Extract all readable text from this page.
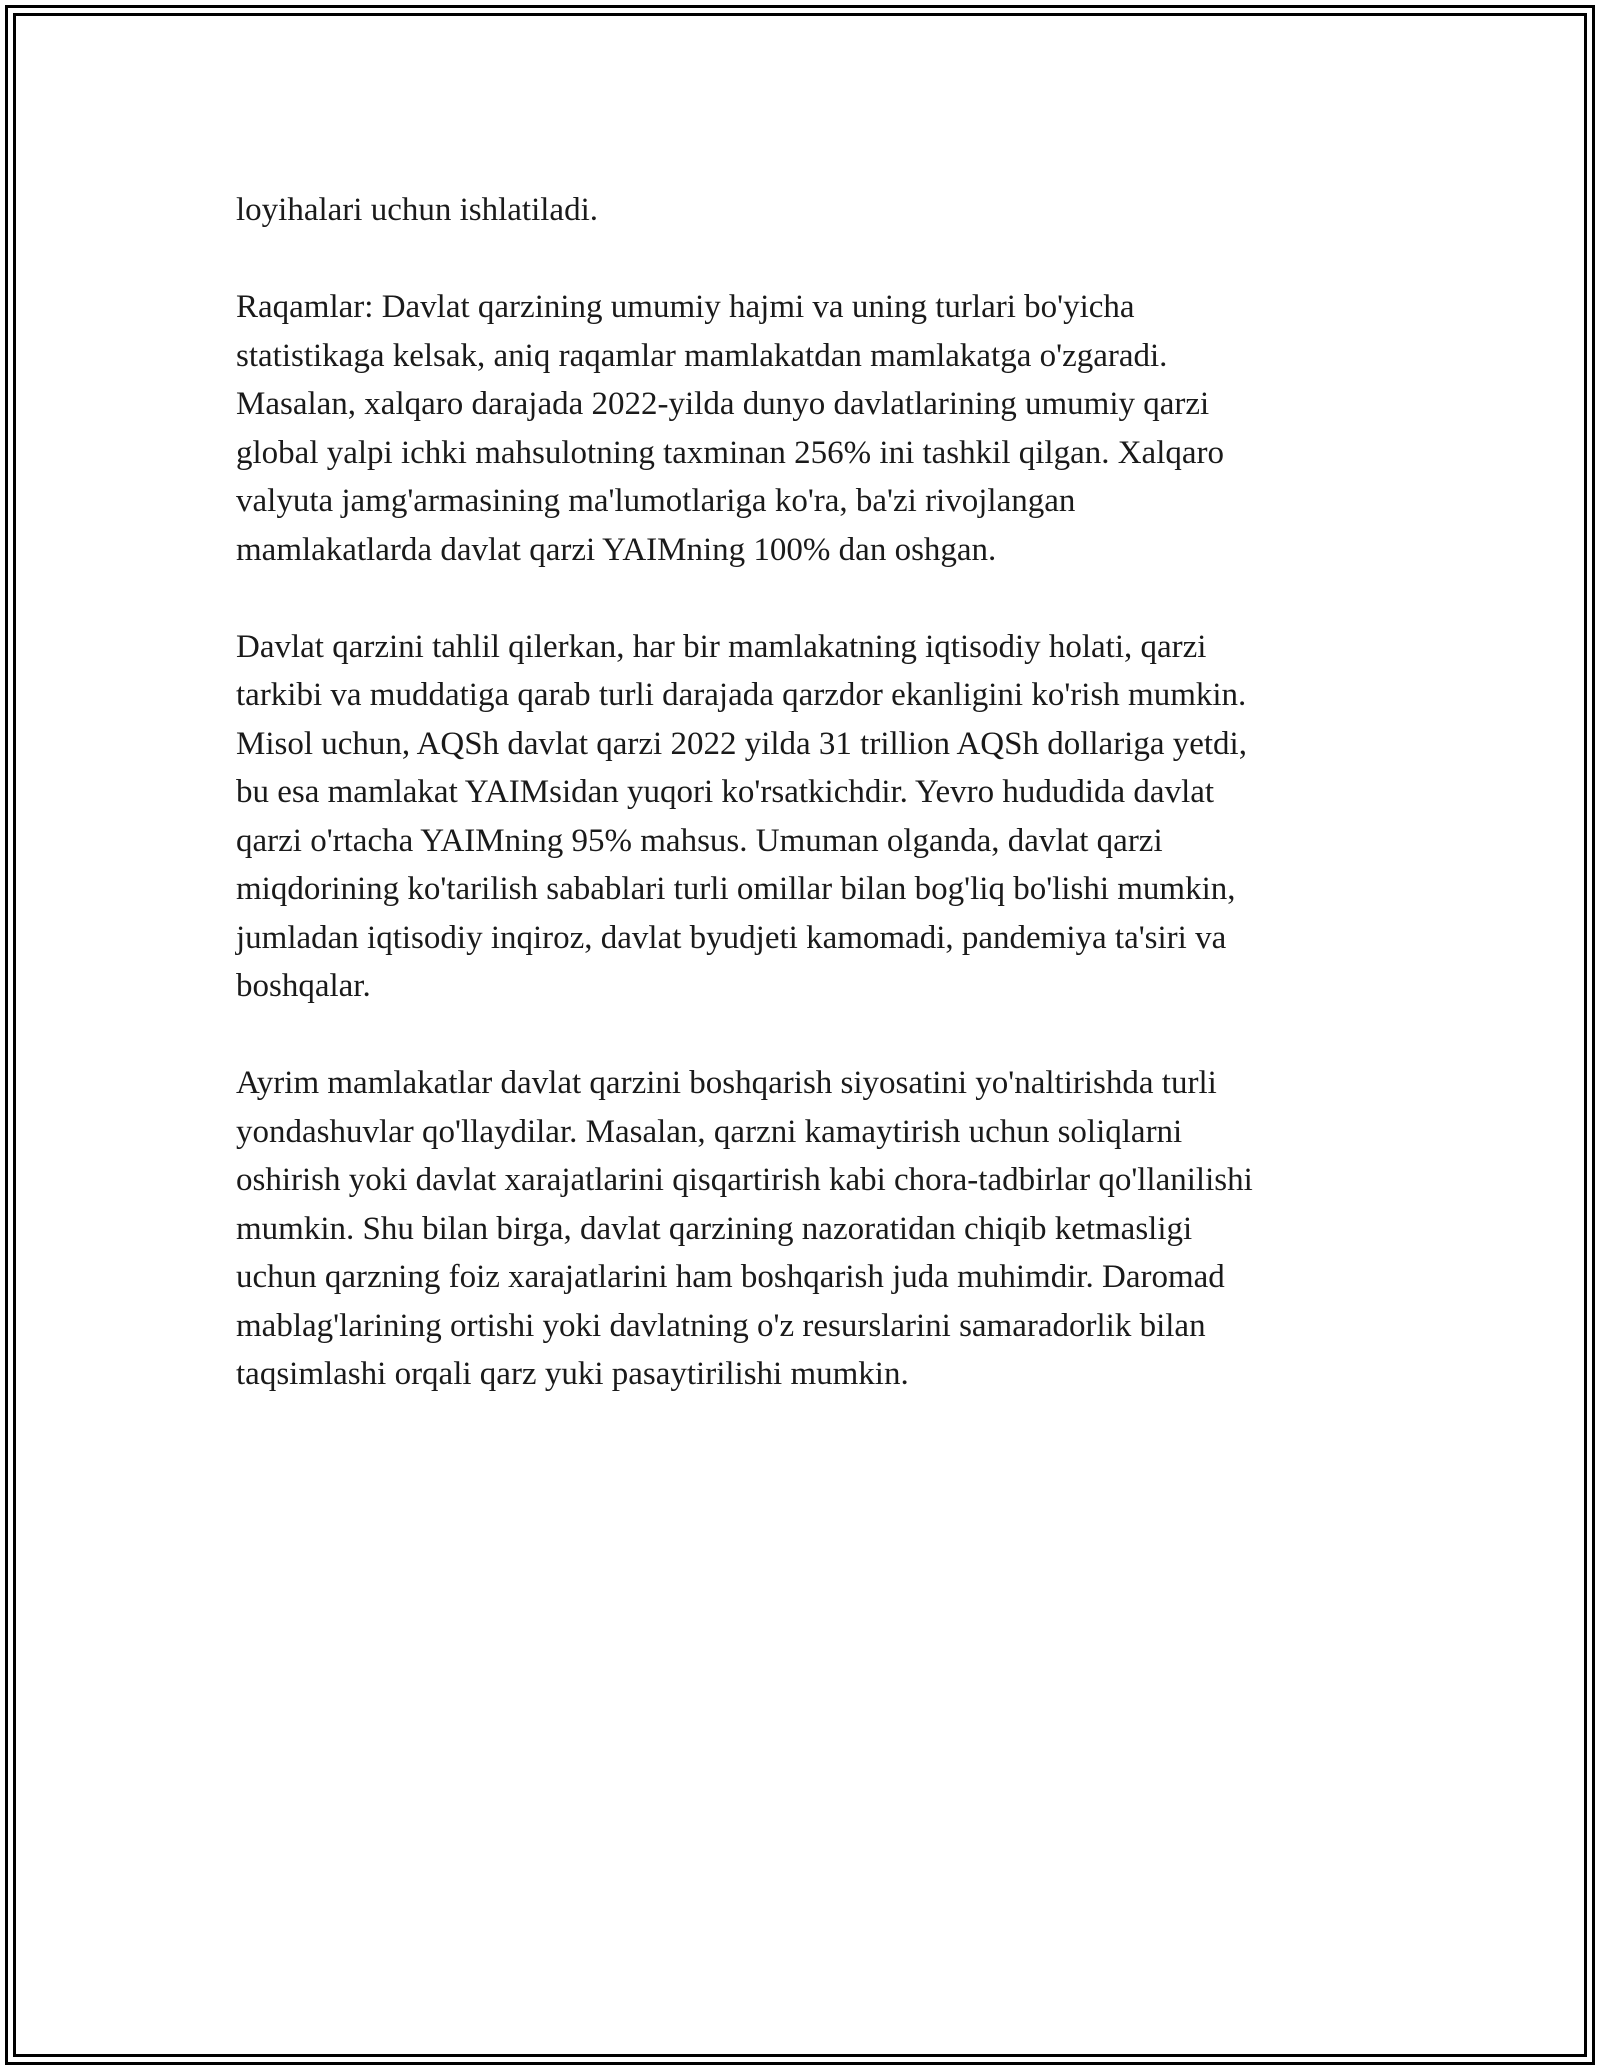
loyihalari uchun ishlatiladi.

Raqamlar: Davlat qarzining umumiy hajmi va uning turlari bo'yicha
statistikaga kelsak, aniq raqamlar mamlakatdan mamlakatga o'zgaradi.
Masalan, xalqaro darajada 2022-yilda dunyo davlatlarining umumiy qarzi
global yalpi ichki mahsulotning taxminan 256% ini tashkil qilgan. Xalqaro
valyuta jamg'armasining ma'lumotlariga ko'ra, ba'zi rivojlangan
mamlakatlarda davlat qarzi YAIMning 100% dan oshgan.

Davlat qarzini tahlil qilerkan, har bir mamlakatning iqtisodiy holati, qarzi
tarkibi va muddatiga qarab turli darajada qarzdor ekanligini ko'rish mumkin.
Misol uchun, AQSh davlat qarzi 2022 yilda 31 trillion AQSh dollariga yetdi,
bu esa mamlakat YAIMsidan yuqori ko'rsatkichdir. Yevro hududida davlat
qarzi o'rtacha YAIMning 95% mahsus. Umuman olganda, davlat qarzi
miqdorining ko'tarilish sabablari turli omillar bilan bog'liq bo'lishi mumkin,
jumladan iqtisodiy inqiroz, davlat byudjeti kamomadi, pandemiya ta'siri va
boshqalar.

Ayrim mamlakatlar davlat qarzini boshqarish siyosatini yo'naltirishda turli
yondashuvlar qo'llaydilar. Masalan, qarzni kamaytirish uchun soliqlarni
oshirish yoki davlat xarajatlarini qisqartirish kabi chora-tadbirlar qo'llanilishi
mumkin. Shu bilan birga, davlat qarzining nazoratidan chiqib ketmasligi
uchun qarzning foiz xarajatlarini ham boshqarish juda muhimdir. Daromad
mablag'larining ortishi yoki davlatning o'z resurslarini samaradorlik bilan
taqsimlashi orqali qarz yuki pasaytirilishi mumkin.
